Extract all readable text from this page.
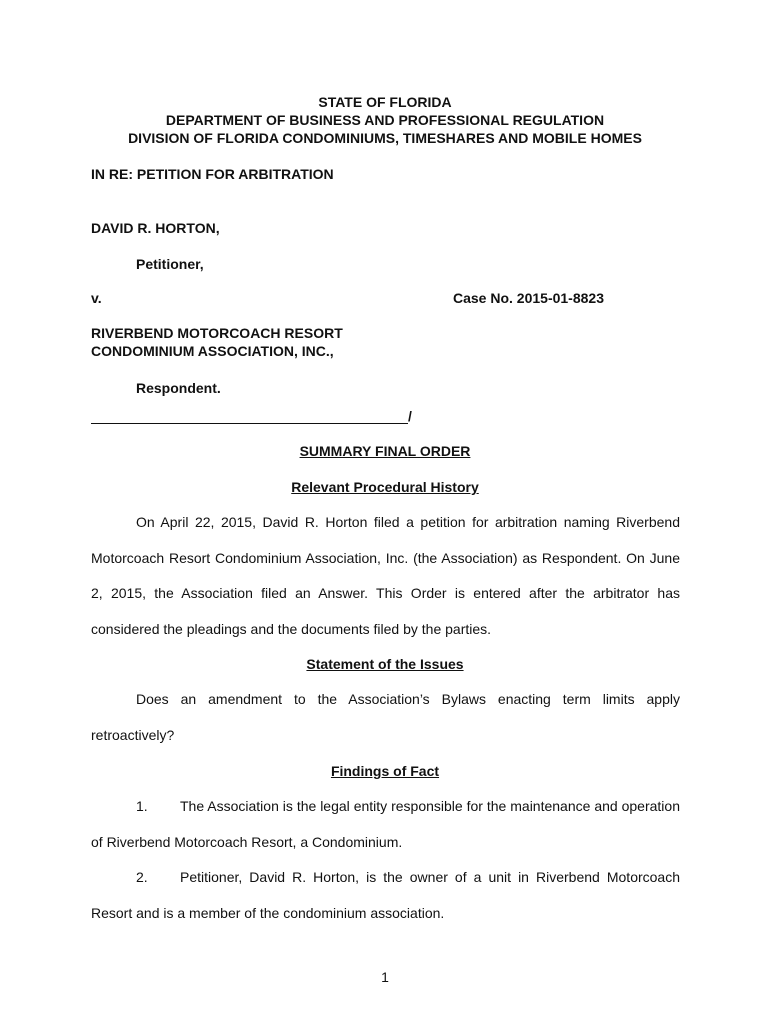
STATE OF FLORIDA
DEPARTMENT OF BUSINESS AND PROFESSIONAL REGULATION
DIVISION OF FLORIDA CONDOMINIUMS, TIMESHARES AND MOBILE HOMES
IN RE: PETITION FOR ARBITRATION
DAVID R. HORTON,
Petitioner,
v.	Case No. 2015-01-8823
RIVERBEND MOTORCOACH RESORT
CONDOMINIUM ASSOCIATION, INC.,
Respondent.
/
SUMMARY FINAL ORDER
Relevant Procedural History

On April 22, 2015, David R. Horton filed a petition for arbitration naming Riverbend Motorcoach Resort Condominium Association, Inc. (the Association) as Respondent. On June 2, 2015, the Association filed an Answer. This Order is entered after the arbitrator has considered the pleadings and the documents filed by the parties.

Statement of the Issues

Does an amendment to the Association’s Bylaws enacting term limits apply retroactively?

Findings of Fact

1. The Association is the legal entity responsible for the maintenance and operation of Riverbend Motorcoach Resort, a Condominium.

2. Petitioner, David R. Horton, is the owner of a unit in Riverbend Motorcoach Resort and is a member of the condominium association.

1
